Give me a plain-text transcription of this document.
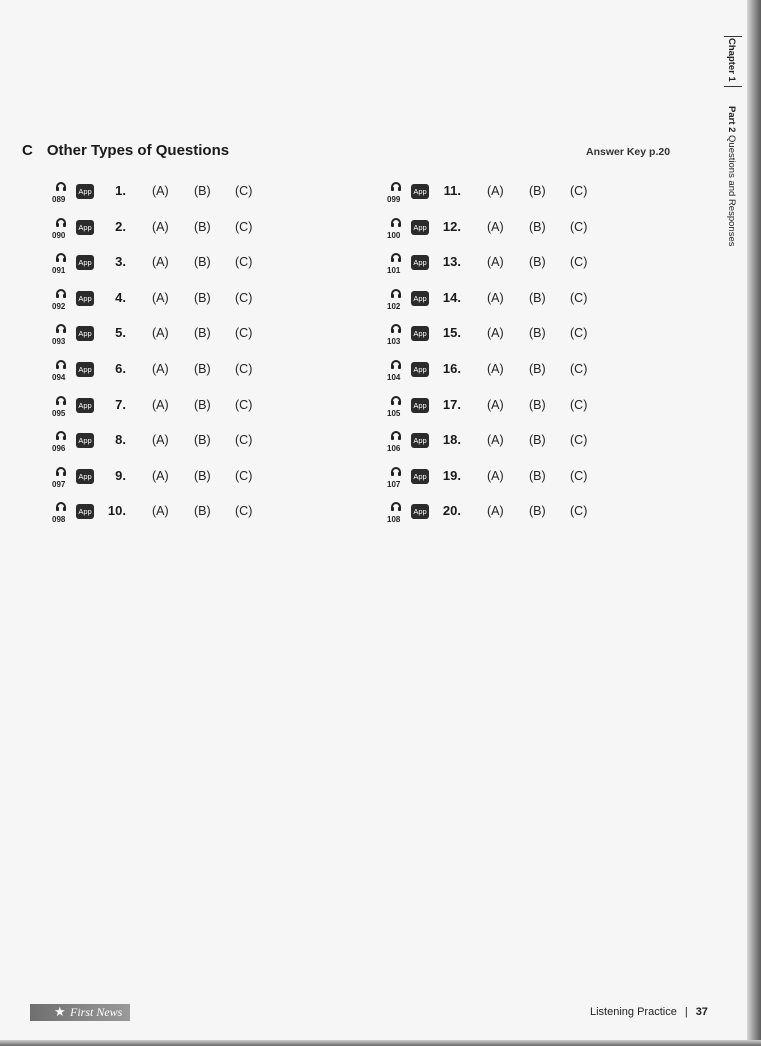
Chapter 1
Part 2 Questions and Responses
C Other Types of Questions	Answer Key p.20
089
App 1. (A) (B) (C)
090
App 2. (A) (B) (C)
091
App 3. (A) (B) (C)
092
App 4. (A) (B) (C)
093
App 5. (A) (B) (C)
094
App 6. (A) (B) (C)
095
App 7. (A) (B) (C)
096
App 8. (A) (B) (C)
097
App 9. (A) (B) (C)
098
App 10. (A) (B) (C)
099
App 11. (A) (B) (C)
100
App 12. (A) (B) (C)
101
App 13. (A) (B) (C)
102
App 14. (A) (B) (C)
103
App 15. (A) (B) (C)
104
App 16. (A) (B) (C)
105
App 17. (A) (B) (C)
106
App 18. (A) (B) (C)
107
App 19. (A) (B) (C)
108
App 20. (A) (B) (C)
★ First News	Listening Practice | 37
